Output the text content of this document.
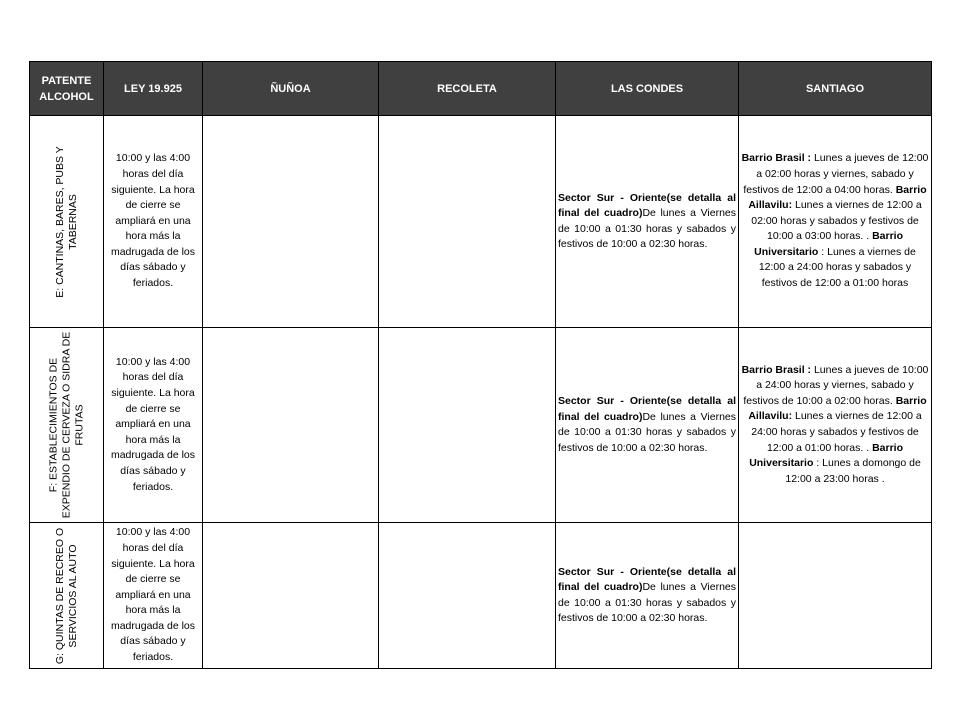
PATENTE ALCOHOL	LEY 19.925	ÑUÑOA	RECOLETA	LAS CONDES	SANTIAGO

E: CANTINAS, BARES, PUBS Y TABERNAS	10:00 y las 4:00 horas del día siguiente. La hora de cierre se ampliará en una hora más la madrugada de los días sábado y feriados.			Sector Sur - Oriente(se detalla al final del cuadro)De lunes a Viernes de 10:00 a 01:30 horas y sabados y festivos de 10:00 a 02:30 horas.	Barrio Brasil : Lunes a jueves de 12:00 a 02:00 horas y viernes, sabado y festivos de 12:00 a 04:00 horas. Barrio Aillavilu: Lunes a viernes de 12:00 a 02:00 horas y sabados y festivos de 10:00 a 03:00 horas. . Barrio Universitario : Lunes a viernes de 12:00 a 24:00 horas y sabados y festivos de 12:00 a 01:00 horas

F: ESTABLECIMIENTOS DE EXPENDIO DE CERVEZA O SIDRA DE FRUTAS	10:00 y las 4:00 horas del día siguiente. La hora de cierre se ampliará en una hora más la madrugada de los días sábado y feriados.			Sector Sur - Oriente(se detalla al final del cuadro)De lunes a Viernes de 10:00 a 01:30 horas y sabados y festivos de 10:00 a 02:30 horas.	Barrio Brasil : Lunes a jueves de 10:00 a 24:00 horas y viernes, sabado y festivos de 10:00 a 02:00 horas. Barrio Aillavilu: Lunes a viernes de 12:00 a 24:00 horas y sabados y festivos de 12:00 a 01:00 horas. . Barrio Universitario : Lunes a domongo de 12:00 a 23:00 horas .

G: QUINTAS DE RECREO O SERVICIOS AL AUTO	10:00 y las 4:00 horas del día siguiente. La hora de cierre se ampliará en una hora más la madrugada de los días sábado y feriados.			Sector Sur - Oriente(se detalla al final del cuadro)De lunes a Viernes de 10:00 a 01:30 horas y sabados y festivos de 10:00 a 02:30 horas.	
